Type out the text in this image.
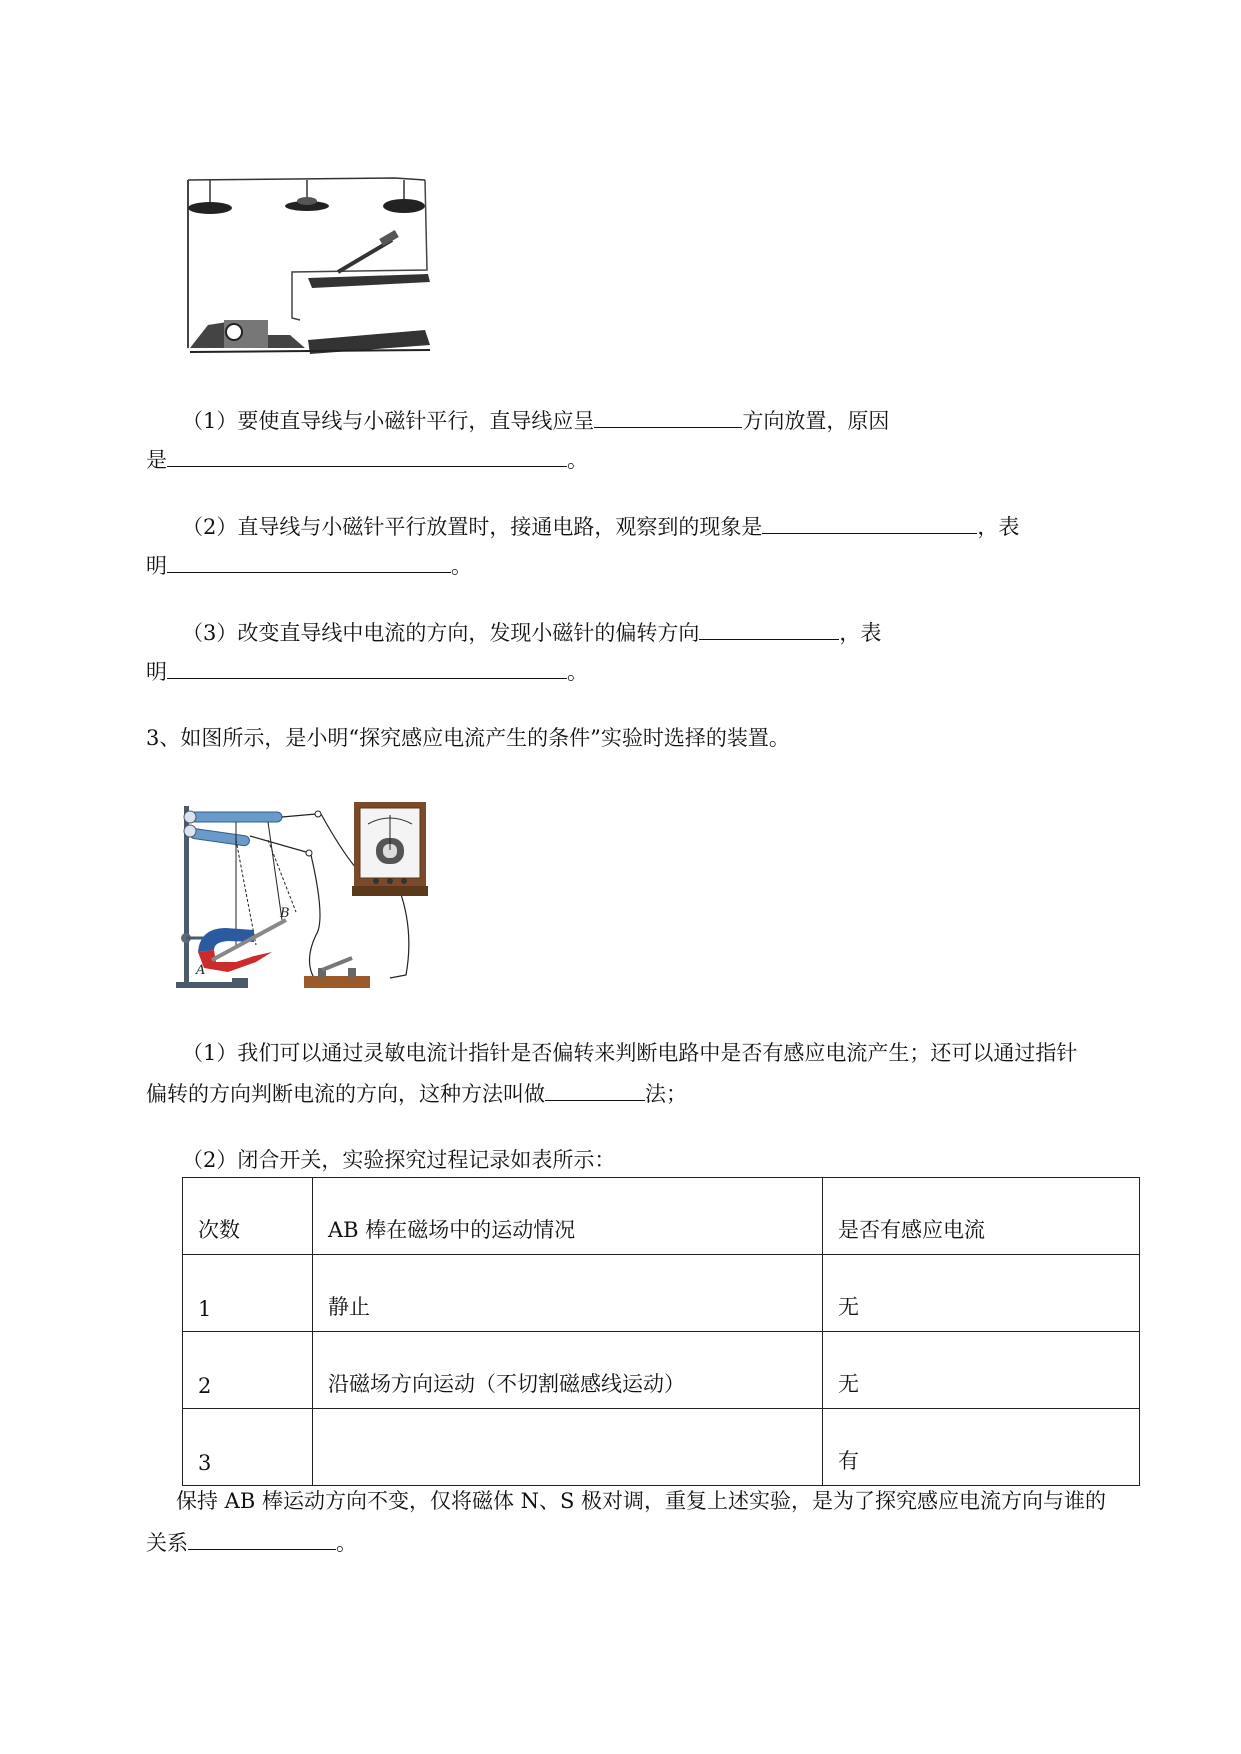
（1）要使直导线与小磁针平行，直导线应呈	方向放置，原因
是	。
（2）直导线与小磁针平行放置时，接通电路，观察到的现象是	，表
明	。
（3）改变直导线中电流的方向，发现小磁针的偏转方向	，表
明	。
3、如图所示，是小明“探究感应电流产生的条件”实验时选择的装置。
A
B
（1）我们可以通过灵敏电流计指针是否偏转来判断电路中是否有感应电流产生；还可以通过指针
偏转的方向判断电流的方向，这种方法叫做	法；
（2）闭合开关，实验探究过程记录如表所示：
次数	AB 棒在磁场中的运动情况	是否有感应电流
1	静止	无
2	沿磁场方向运动（不切割磁感线运动）	无
3		有
保持 AB 棒运动方向不变，仅将磁体 N、S 极对调，重复上述实验，是为了探究感应电流方向与谁的
关系	。
